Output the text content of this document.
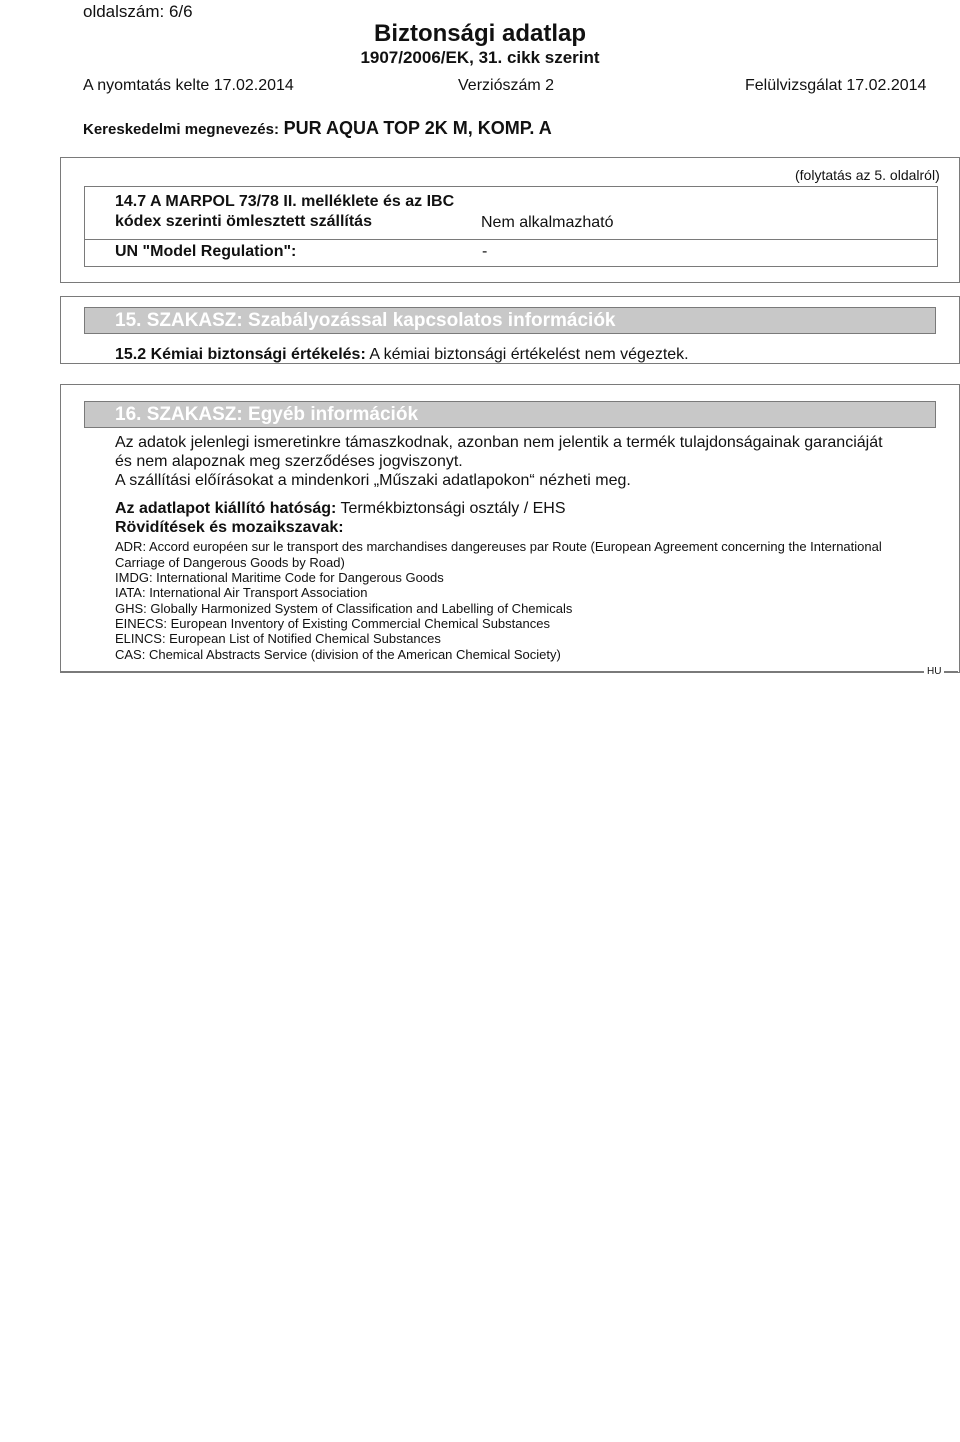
oldalszám: 6/6
Biztonsági adatlap
1907/2006/EK, 31. cikk szerint
A nyomtatás kelte 17.02.2014	Verziószám 2	Felülvizsgálat 17.02.2014
Kereskedelmi megnevezés: PUR AQUA TOP 2K M, KOMP. A
(folytatás az 5. oldalról)
14.7 A MARPOL 73/78 II. melléklete és az IBC
kódex szerinti ömlesztett szállítás	Nem alkalmazható
UN "Model Regulation":	-
15. SZAKASZ: Szabályozással kapcsolatos információk
15.2 Kémiai biztonsági értékelés: A kémiai biztonsági értékelést nem végeztek.
16. SZAKASZ: Egyéb információk
Az adatok jelenlegi ismeretinkre támaszkodnak, azonban nem jelentik a termék tulajdonságainak garanciáját
és nem alapoznak meg szerződéses jogviszonyt.
A szállítási előírásokat a mindenkori „Műszaki adatlapokon“ nézheti meg.
Az adatlapot kiállító hatóság: Termékbiztonsági osztály / EHS
Rövidítések és mozaikszavak:
ADR: Accord européen sur le transport des marchandises dangereuses par Route (European Agreement concerning the International
Carriage of Dangerous Goods by Road)
IMDG: International Maritime Code for Dangerous Goods
IATA: International Air Transport Association
GHS: Globally Harmonized System of Classification and Labelling of Chemicals
EINECS: European Inventory of Existing Commercial Chemical Substances
ELINCS: European List of Notified Chemical Substances
CAS: Chemical Abstracts Service (division of the American Chemical Society)
HU
